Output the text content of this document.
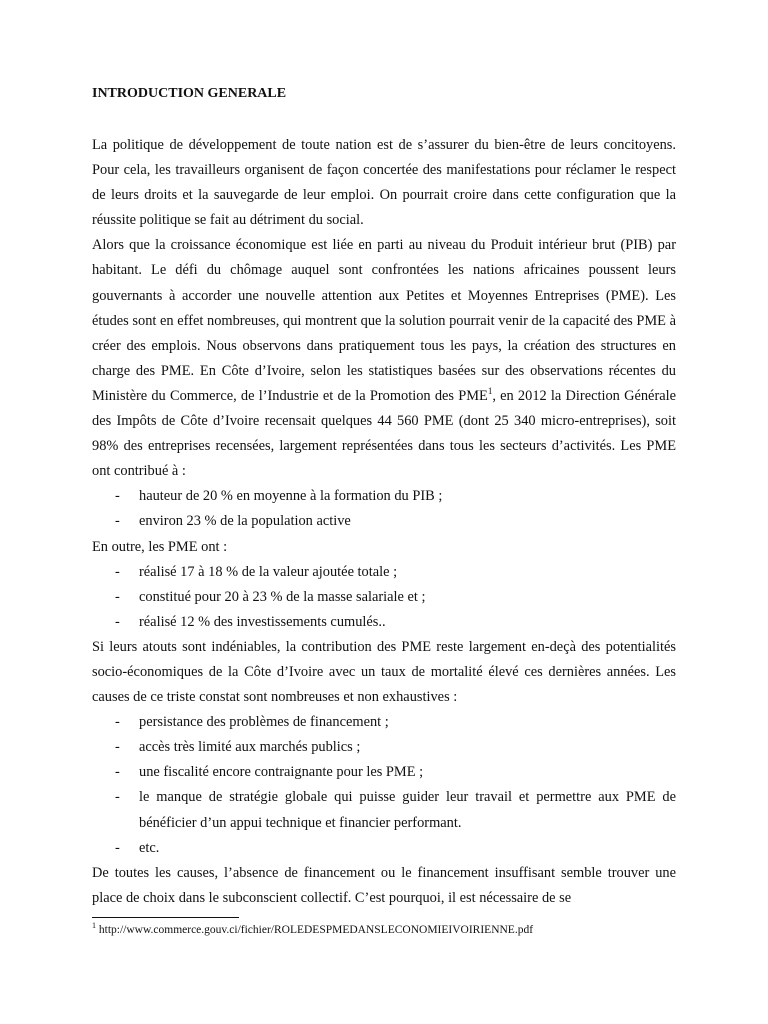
INTRODUCTION GENERALE

La politique de développement de toute nation est de s’assurer du bien-être de leurs concitoyens. Pour cela, les travailleurs organisent de façon concertée des manifestations pour réclamer le respect de leurs droits et la sauvegarde de leur emploi. On pourrait croire dans cette configuration que la réussite politique se fait au détriment du social.

Alors que la croissance économique est liée en parti au niveau du Produit intérieur brut (PIB) par habitant. Le défi du chômage auquel sont confrontées les nations africaines poussent leurs gouvernants à accorder une nouvelle attention aux Petites et Moyennes Entreprises (PME). Les études sont en effet nombreuses, qui montrent que la solution pourrait venir de la capacité des PME à créer des emplois. Nous observons dans pratiquement tous les pays, la création des structures en charge des PME. En Côte d’Ivoire, selon les statistiques basées sur des observations récentes du Ministère du Commerce, de l’Industrie et de la Promotion des PME$^1$, en 2012 la Direction Générale des Impôts de Côte d’Ivoire recensait quelques 44 560 PME (dont 25 340 micro-entreprises), soit 98% des entreprises recensées, largement représentées dans tous les secteurs d’activités. Les PME ont contribué à :

- hauteur de 20 % en moyenne à la formation du PIB ;
- environ 23 % de la population active

En outre, les PME ont :

- réalisé 17 à 18 % de la valeur ajoutée totale ;
- constitué pour 20 à 23 % de la masse salariale et ;
- réalisé 12 % des investissements cumulés..

Si leurs atouts sont indéniables, la contribution des PME reste largement en-deçà des potentialités socio-économiques de la Côte d’Ivoire avec un taux de mortalité élevé ces dernières années. Les causes de ce triste constat sont nombreuses et non exhaustives :

- persistance des problèmes de financement ;
- accès très limité aux marchés publics ;
- une fiscalité encore contraignante pour les PME ;
- le manque de stratégie globale qui puisse guider leur travail et permettre aux PME de bénéficier d’un appui technique et financier performant.
- etc.

De toutes les causes, l’absence de financement ou le financement insuffisant semble trouver une place de choix dans le subconscient collectif. C’est pourquoi, il est nécessaire de se

$^1$ http://www.commerce.gouv.ci/fichier/ROLEDESPMEDANSLECONOMIEIVOIRIENNE.pdf
